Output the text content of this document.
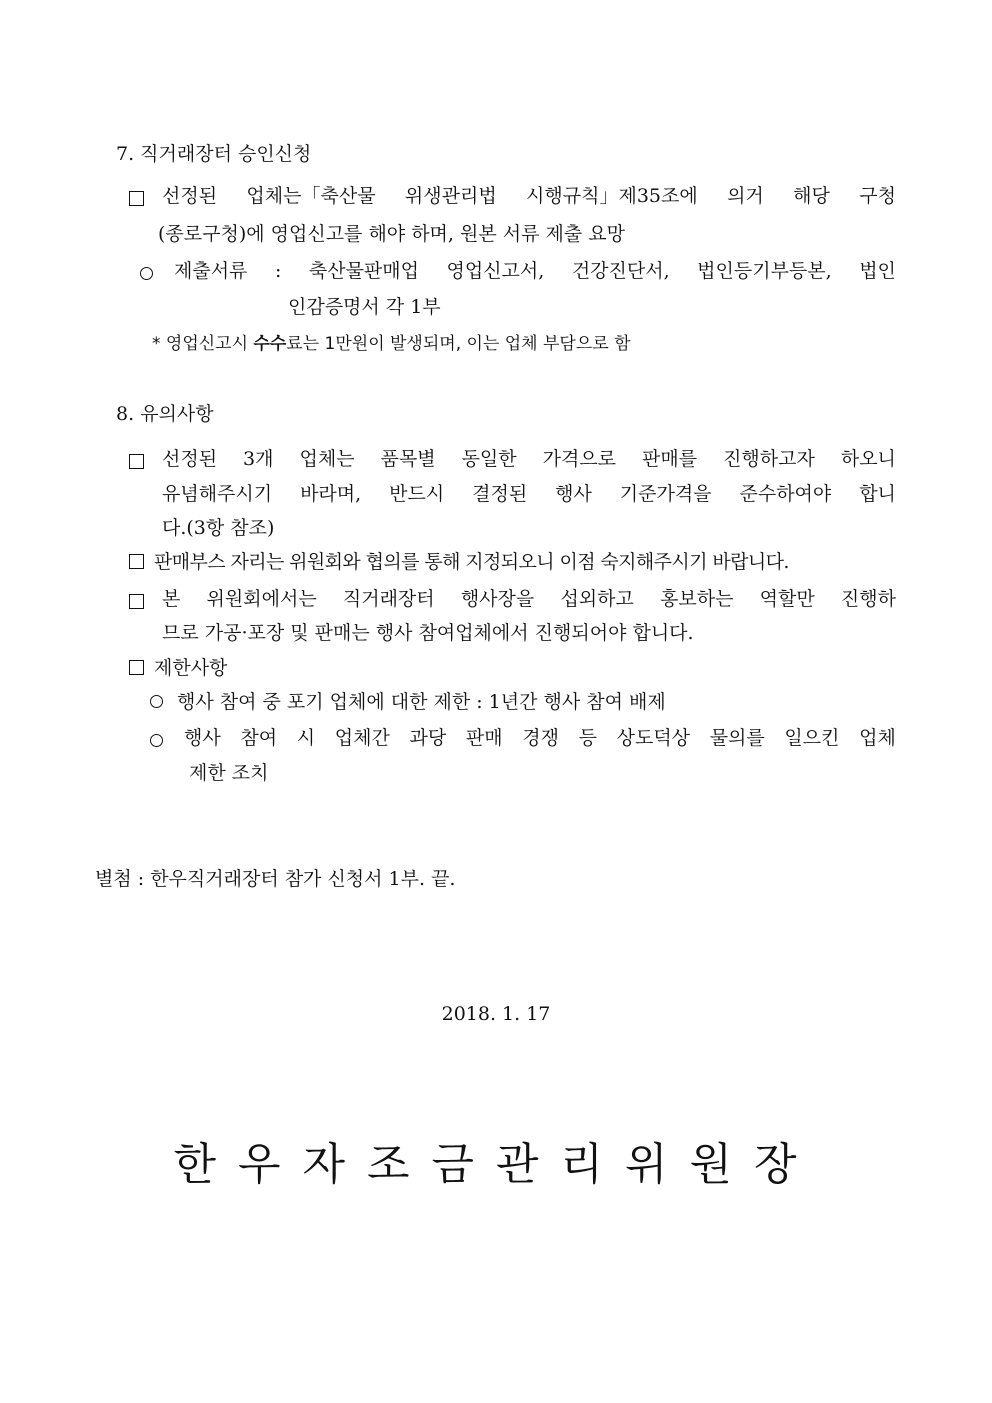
7. 직거래장터 승인신청
선정된 업체는「축산물 위생관리법 시행규칙」제35조에 의거 해당 구청
(종로구청)에 영업신고를 해야 하며, 원본 서류 제출 요망
제출서류 : 축산물판매업 영업신고서, 건강진단서, 법인등기부등본, 법인
인감증명서 각 1부
* 영업신고시 수수료는 1만원이 발생되며, 이는 업체 부담으로 함
8. 유의사항
선정된 3개 업체는 품목별 동일한 가격으로 판매를 진행하고자 하오니
유념해주시기 바라며, 반드시 결정된 행사 기준가격을 준수하여야 합니
다.(3항 참조)
판매부스 자리는 위원회와 협의를 통해 지정되오니 이점 숙지해주시기 바랍니다.
본 위원회에서는 직거래장터 행사장을 섭외하고 홍보하는 역할만 진행하
므로 가공·포장 및 판매는 행사 참여업체에서 진행되어야 합니다.
제한사항
행사 참여 중 포기 업체에 대한 제한 : 1년간 행사 참여 배제
행사 참여 시 업체간 과당 판매 경쟁 등 상도덕상 물의를 일으킨 업체
제한 조치
별첨 : 한우직거래장터 참가 신청서 1부. 끝.
2018. 1. 17
한우자조금관리위원장
